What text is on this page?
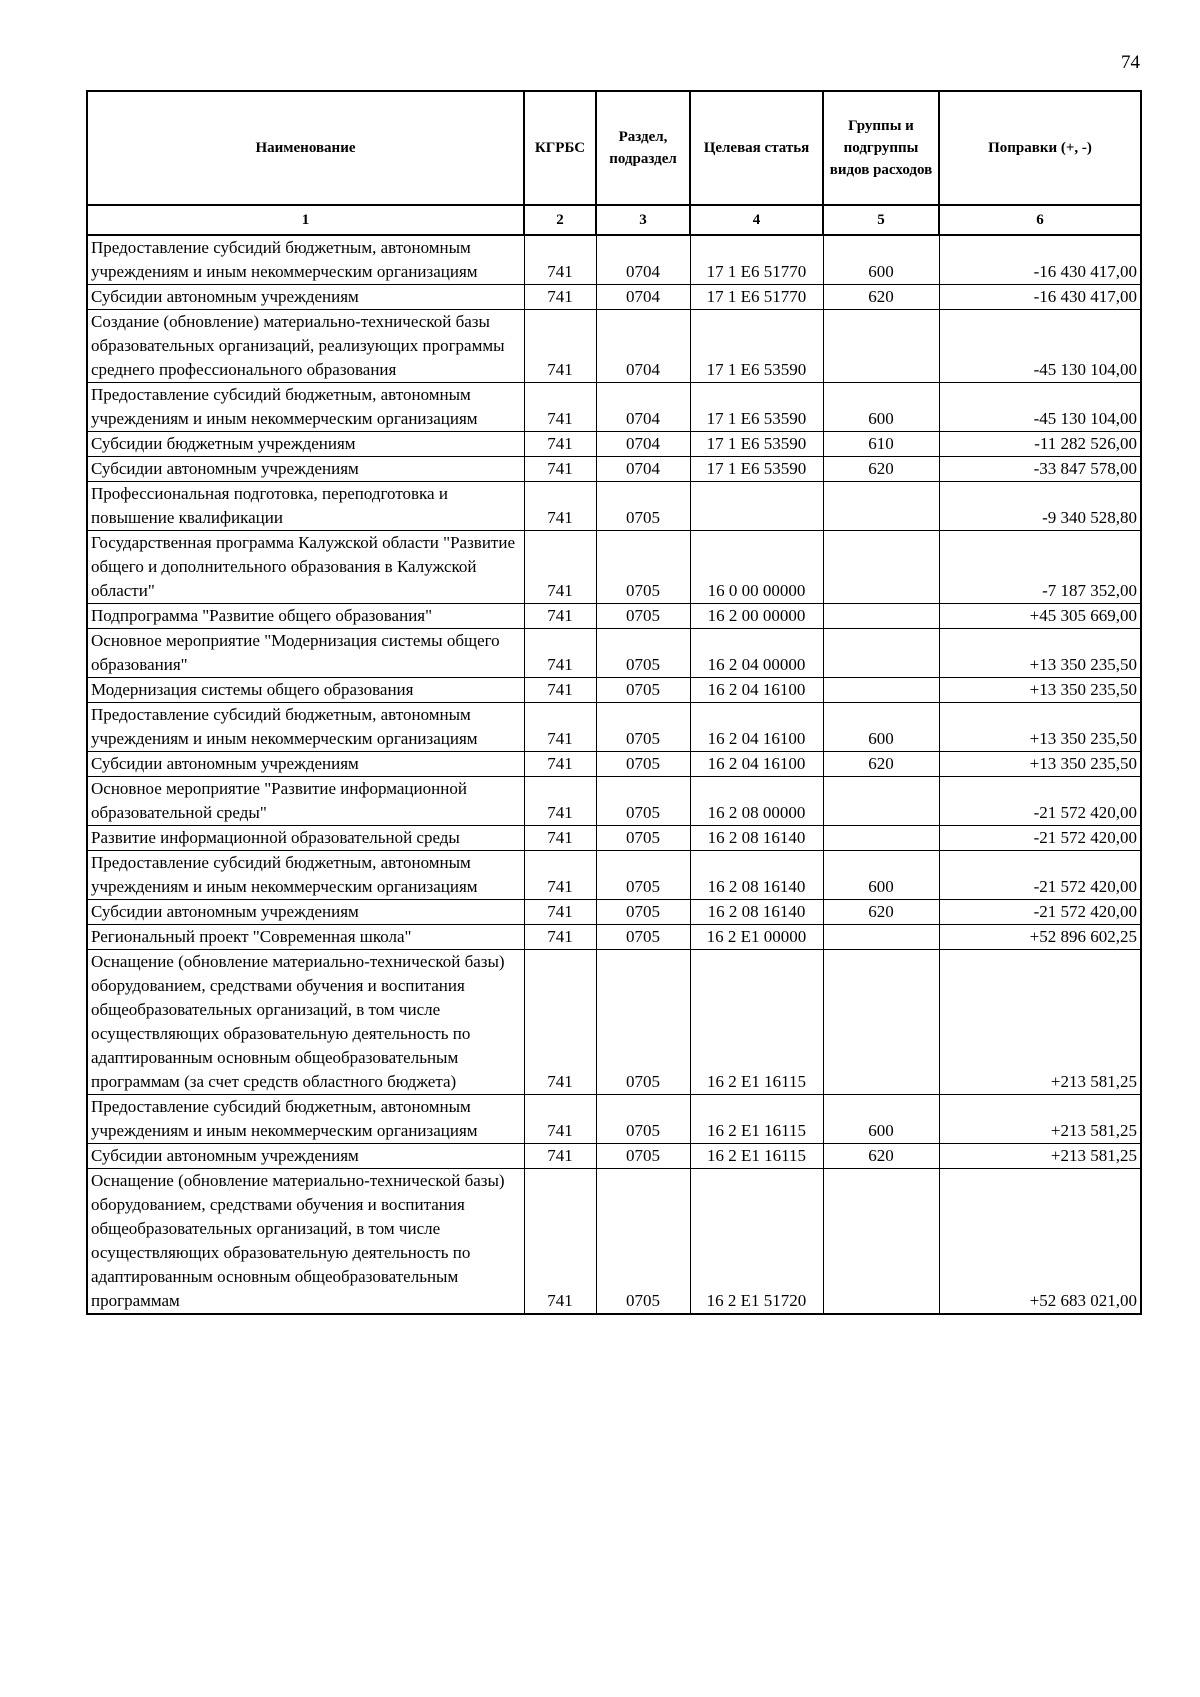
74
Наименование	КГРБС	Раздел, подраздел	Целевая статья	Группы и подгруппы видов расходов	Поправки (+, -)
1	2	3	4	5	6
Предоставление субсидий бюджетным, автономным учреждениям и иным некоммерческим организациям	741	0704	17 1 E6 51770	600	-16 430 417,00
Субсидии автономным учреждениям	741	0704	17 1 E6 51770	620	-16 430 417,00
Создание (обновление) материально-технической базы образовательных организаций, реализующих программы среднего профессионального образования	741	0704	17 1 E6 53590		-45 130 104,00
Предоставление субсидий бюджетным, автономным учреждениям и иным некоммерческим организациям	741	0704	17 1 E6 53590	600	-45 130 104,00
Субсидии бюджетным учреждениям	741	0704	17 1 E6 53590	610	-11 282 526,00
Субсидии автономным учреждениям	741	0704	17 1 E6 53590	620	-33 847 578,00
Профессиональная подготовка, переподготовка и повышение квалификации	741	0705			-9 340 528,80
Государственная программа Калужской области "Развитие общего и дополнительного образования в Калужской области"	741	0705	16 0 00 00000		-7 187 352,00
Подпрограмма "Развитие общего образования"	741	0705	16 2 00 00000		+45 305 669,00
Основное мероприятие "Модернизация системы общего образования"	741	0705	16 2 04 00000		+13 350 235,50
Модернизация системы общего образования	741	0705	16 2 04 16100		+13 350 235,50
Предоставление субсидий бюджетным, автономным учреждениям и иным некоммерческим организациям	741	0705	16 2 04 16100	600	+13 350 235,50
Субсидии автономным учреждениям	741	0705	16 2 04 16100	620	+13 350 235,50
Основное мероприятие "Развитие информационной образовательной среды"	741	0705	16 2 08 00000		-21 572 420,00
Развитие информационной образовательной среды	741	0705	16 2 08 16140		-21 572 420,00
Предоставление субсидий бюджетным, автономным учреждениям и иным некоммерческим организациям	741	0705	16 2 08 16140	600	-21 572 420,00
Субсидии автономным учреждениям	741	0705	16 2 08 16140	620	-21 572 420,00
Региональный проект "Современная школа"	741	0705	16 2 E1 00000		+52 896 602,25
Оснащение (обновление материально-технической базы) оборудованием, средствами обучения и воспитания общеобразовательных организаций, в том числе осуществляющих образовательную деятельность по адаптированным основным общеобразовательным программам (за счет средств областного бюджета)	741	0705	16 2 E1 16115		+213 581,25
Предоставление субсидий бюджетным, автономным учреждениям и иным некоммерческим организациям	741	0705	16 2 E1 16115	600	+213 581,25
Субсидии автономным учреждениям	741	0705	16 2 E1 16115	620	+213 581,25
Оснащение (обновление материально-технической базы) оборудованием, средствами обучения и воспитания общеобразовательных организаций, в том числе осуществляющих образовательную деятельность по адаптированным основным общеобразовательным программам	741	0705	16 2 E1 51720		+52 683 021,00
